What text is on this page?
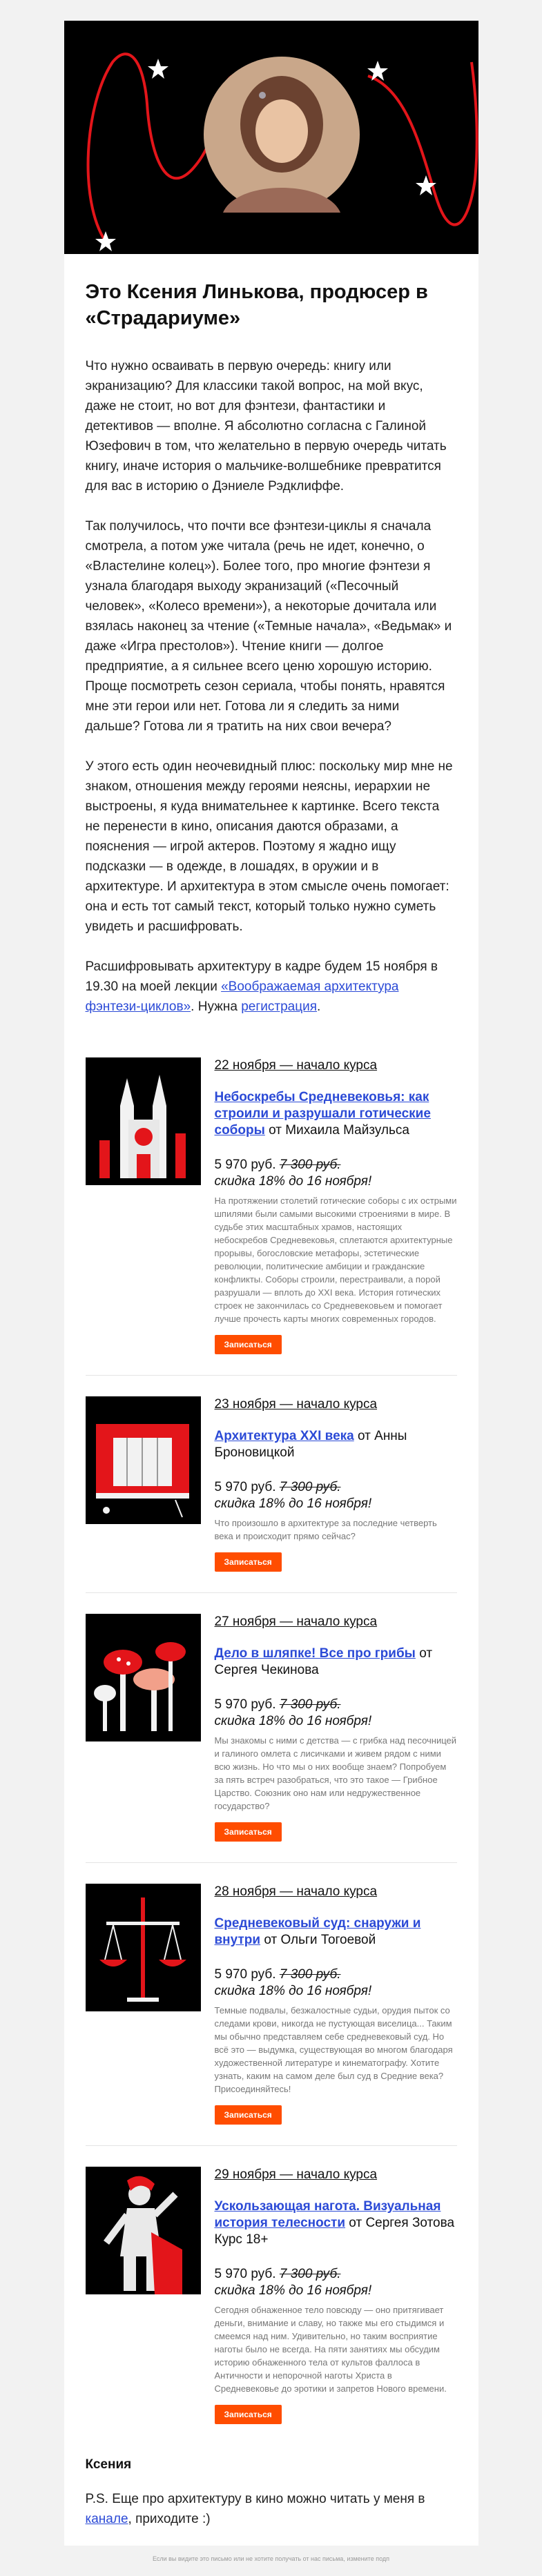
Это Ксения Линькова, продюсер в «Страдариуме»

Что нужно осваивать в первую очередь: книгу или экранизацию? Для классики такой вопрос, на мой вкус, даже не стоит, но вот для фэнтези, фантастики и детективов — вполне. Я абсолютно согласна с Галиной Юзефович в том, что желательно в первую очередь читать книгу, иначе история о мальчике-волшебнике превратится для вас в историю о Дэниеле Рэдклиффе.

Так получилось, что почти все фэнтези-циклы я сначала смотрела, а потом уже читала (речь не идет, конечно, о «Властелине колец»). Более того, про многие фэнтези я узнала благодаря выходу экранизаций («Песочный человек», «Колесо времени»), а некоторые дочитала или взялась наконец за чтение («Темные начала», «Ведьмак» и даже «Игра престолов»). Чтение книги — долгое предприятие, а я сильнее всего ценю хорошую историю. Проще посмотреть сезон сериала, чтобы понять, нравятся мне эти герои или нет. Готова ли я следить за ними дальше? Готова ли я тратить на них свои вечера?

У этого есть один неочевидный плюс: поскольку мир мне не знаком, отношения между героями неясны, иерархии не выстроены, я куда внимательнее к картинке. Всего текста не перенести в кино, описания даются образами, а пояснения — игрой актеров. Поэтому я жадно ищу подсказки — в одежде, в лошадях, в оружии и в архитектуре. И архитектура в этом смысле очень помогает: она и есть тот самый текст, который только нужно суметь увидеть и расшифровать.

Расшифровывать архитектуру в кадре будем 15 ноября в 19.30 на моей лекции «Воображаемая архитектура фэнтези-циклов». Нужна регистрация.

22 ноября — начало курса
Небоскребы Средневековья: как строили и разрушали готические соборы от Михаила Майзульса
5 970 руб. 7 300 руб.
скидка 18% до 16 ноября!
На протяжении столетий готические соборы с их острыми шпилями были самыми высокими строениями в мире. В судьбе этих масштабных храмов, настоящих небоскребов Средневековья, сплетаются архитектурные прорывы, богословские метафоры, эстетические революции, политические амбиции и гражданские конфликты. Соборы строили, перестраивали, а порой разрушали — вплоть до XXI века. История готических строек не закончилась со Средневековьем и помогает лучше прочесть карты многих современных городов.
Записаться
23 ноября — начало курса
Архитектура XXI века от Анны Броновицкой
5 970 руб. 7 300 руб.
скидка 18% до 16 ноября!
Что произошло в архитектуре за последние четверть века и происходит прямо сейчас?
Записаться
27 ноября — начало курса
Дело в шляпке! Все про грибы от Сергея Чекинова
5 970 руб. 7 300 руб.
скидка 18% до 16 ноября!
Мы знакомы с ними с детства — с грибка над песочницей и галиного омлета с лисичками и живем рядом с ними всю жизнь. Но что мы о них вообще знаем? Попробуем за пять встреч разобраться, что это такое — Грибное Царство. Союзник оно нам или недружественное государство?
Записаться
28 ноября — начало курса
Средневековый суд: снаружи и внутри от Ольги Тогоевой
5 970 руб. 7 300 руб.
скидка 18% до 16 ноября!
Темные подвалы, безжалостные судьи, орудия пыток со следами крови, никогда не пустующая виселица... Таким мы обычно представляем себе средневековый суд. Но всё это — выдумка, существующая во многом благодаря художественной литературе и кинематографу. Хотите узнать, каким на самом деле был суд в Средние века? Присоединяйтесь!
Записаться
29 ноября — начало курса
Ускользающая нагота. Визуальная история телесности от Сергея Зотова
Курс 18+
5 970 руб. 7 300 руб.
скидка 18% до 16 ноября!
Сегодня обнаженное тело повсюду — оно притягивает деньги, внимание и славу, но также мы его стыдимся и смеемся над ним. Удивительно, но таким восприятие наготы было не всегда. На пяти занятиях мы обсудим историю обнаженного тела от культов фаллоса в Античности и непорочной наготы Христа в Средневековье до эротики и запретов Нового времени.
Записаться
Ксения

P.S. Еще про архитектуру в кино можно читать у меня в канале, приходите :)

Если вы видите это письмо или не хотите получать от нас письма, измените подп
